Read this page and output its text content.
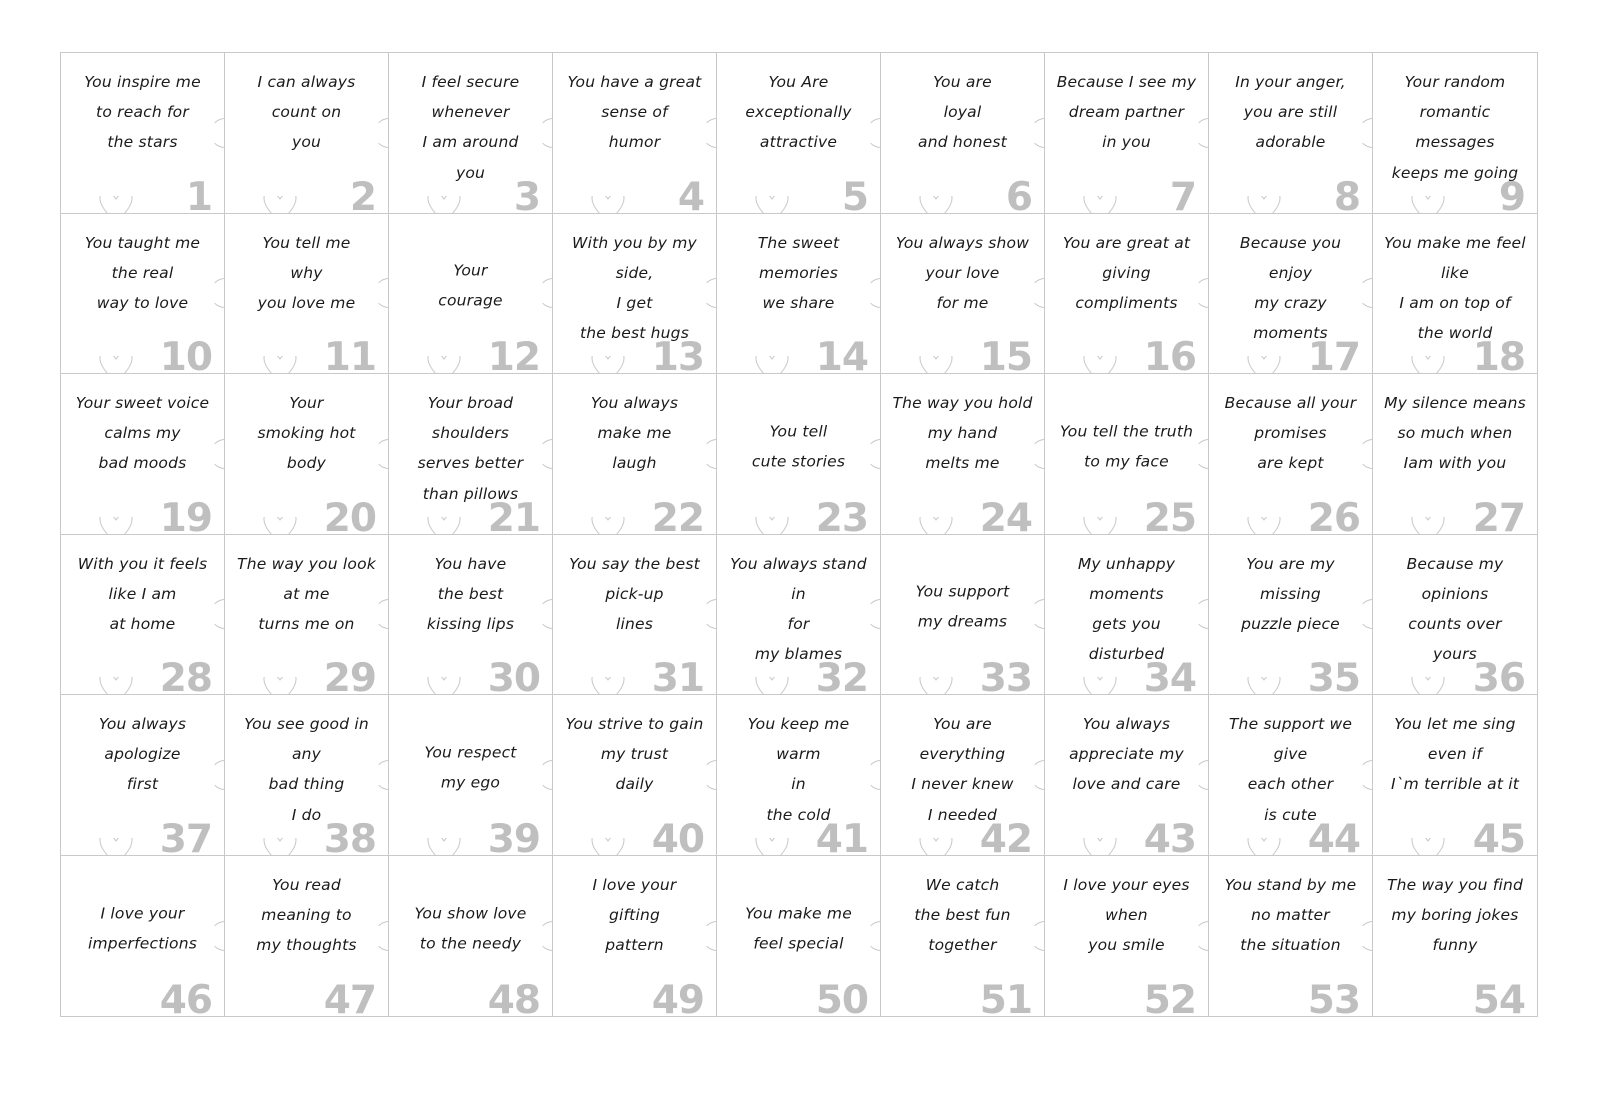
You inspire me
to reach for
the stars
1
I can always
count on
you
2
I feel secure whenever
I am around
you
3
You have a great
sense of
humor
4
You Are
exceptionally
attractive
5
You are
loyal
and honest
6
Because I see my
dream partner
in you
7
In your anger,
you are still
adorable
8
Your random
romantic messages
keeps me going
9
You taught me
the real
way to love
10
You tell me
why
you love me
11
Your
courage
12
With you by my side,
I get
the best hugs
13
The sweet
memories
we share
14
You always show
your love
for me
15
You are great at
giving
compliments
16
Because you enjoy
my crazy
moments
17
You make me feel like
I am on top of
the world
18
Your sweet voice
calms my
bad moods
19
Your
smoking hot
body
20
Your broad shoulders
serves better
than pillows
21
You always
make me
laugh
22
You tell
cute stories
23
The way you hold
my hand
melts me
24
You tell the truth
to my face
25
Because all your
promises
are kept
26
My silence means
so much when
Iam with you
27
With you it feels
like I am
at home
28
The way you look
at me
turns me on
29
You have
the best
kissing lips
30
You say the best
pick-up
lines
31
You always stand in
for
my blames
32
You support
my dreams
33
My unhappy moments
gets you
disturbed
34
You are my
missing
puzzle piece
35
Because my opinions
counts over
yours
36
You always
apologize
first
37
You see good in any
bad thing
I do
38
You respect
my ego
39
You strive to gain
my trust
daily
40
You keep me warm
in
the cold
41
You are everything
I never knew
I needed
42
You always
appreciate my
love and care
43
The support we give
each other
is cute
44
You let me sing
even if
I`m terrible at it
45
I love your
imperfections
46
You read
meaning to
my thoughts
47
You show love
to the needy
48
I love your
gifting
pattern
49
You make me
feel special
50
We catch
the best fun
together
51
I love your eyes
when
you smile
52
You stand by me
no matter
the situation
53
The way you find
my boring jokes
funny
54
